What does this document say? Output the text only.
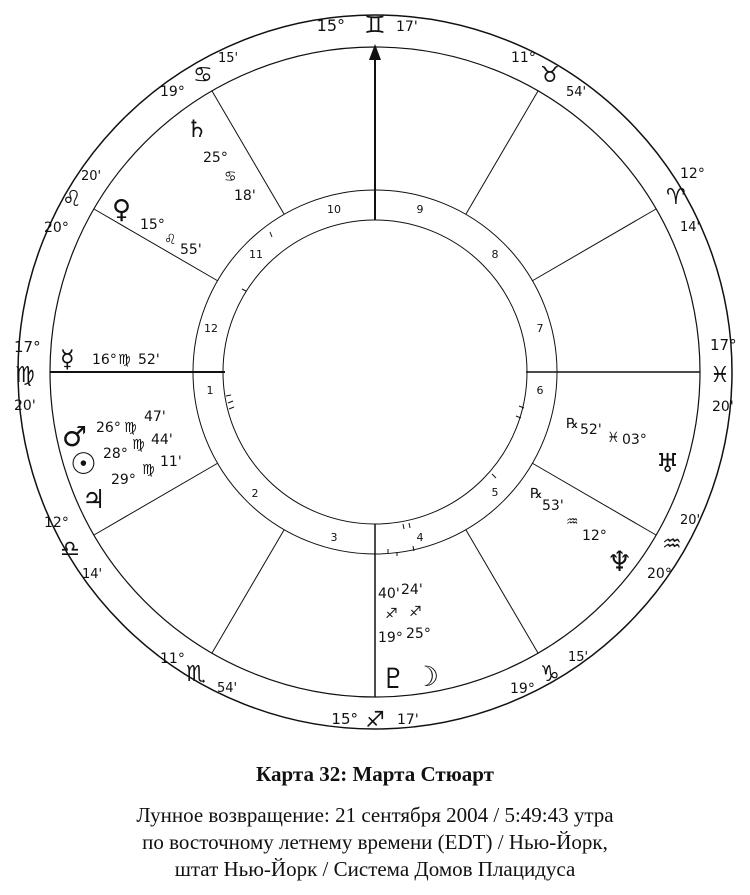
1
2
3	4
5
6
7
8
9
10
11
12
15° ♊ 17'
19°
♋
15'
20'
♌
20°
17°
♍
20'
12°
♎
14'
11°
♏
54'
15° ♐ 17'
19°
♑
15'
20'
♒
20°
17°
♓
20'
12°
♈
14'
11°
♉
54'
♄
25°
♋
18'
♀ 15°
♌
55'
☿ 16° ♍ 52'
♂ 26° ♍
47'
☉ 28°
♍ 44'
♃
29°
♍ 11'
℞ 52' ♓ 03°
♅
℞
53'
♒
12°
♆
40' 24'
♐ ♐
19° 25°
♇ ☽
Карта 32: Марта Стюарт
Лунное возвращение: 21 сентября 2004 / 5:49:43 утра
по восточному летнему времени (EDT) / Нью-Йорк,
штат Нью-Йорк / Система Домов Плацидуса
